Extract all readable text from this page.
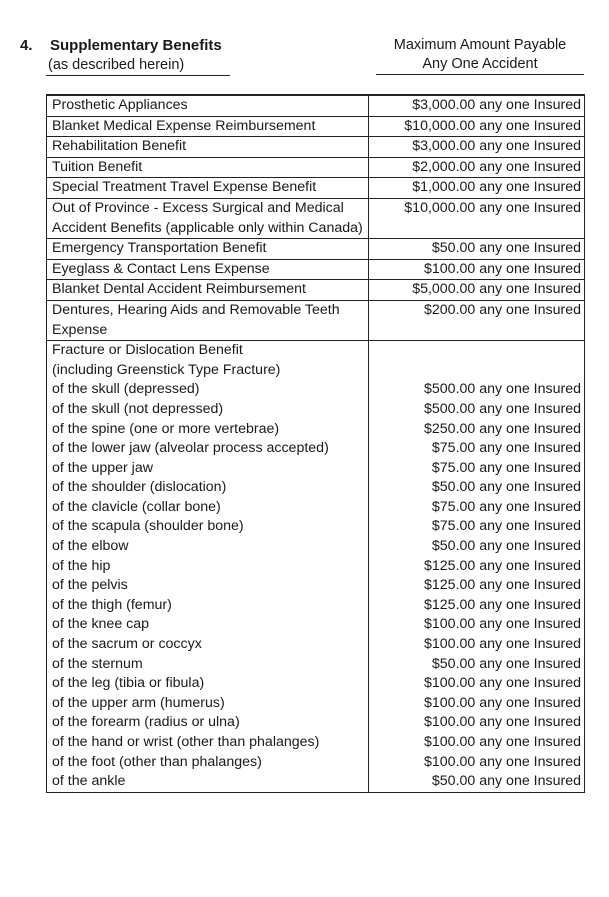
4. Supplementary Benefits
(as described herein)
Maximum Amount Payable
Any One Accident
Prosthetic Appliances	$3,000.00 any one Insured
Blanket Medical Expense Reimbursement	$10,000.00 any one Insured
Rehabilitation Benefit	$3,000.00 any one Insured
Tuition Benefit	$2,000.00 any one Insured
Special Treatment Travel Expense Benefit	$1,000.00 any one Insured
Out of Province - Excess Surgical and Medical Accident Benefits (applicable only within Canada)	$10,000.00 any one Insured
Emergency Transportation Benefit	$50.00 any one Insured
Eyeglass & Contact Lens Expense	$100.00 any one Insured
Blanket Dental Accident Reimbursement	$5,000.00 any one Insured
Dentures, Hearing Aids and Removable Teeth Expense	$200.00 any one Insured
Fracture or Dislocation Benefit	
(including Greenstick Type Fracture)	
of the skull (depressed)	$500.00 any one Insured
of the skull (not depressed)	$500.00 any one Insured
of the spine (one or more vertebrae)	$250.00 any one Insured
of the lower jaw (alveolar process accepted)	$75.00 any one Insured
of the upper jaw	$75.00 any one Insured
of the shoulder (dislocation)	$50.00 any one Insured
of the clavicle (collar bone)	$75.00 any one Insured
of the scapula (shoulder bone)	$75.00 any one Insured
of the elbow	$50.00 any one Insured
of the hip	$125.00 any one Insured
of the pelvis	$125.00 any one Insured
of the thigh (femur)	$125.00 any one Insured
of the knee cap	$100.00 any one Insured
of the sacrum or coccyx	$100.00 any one Insured
of the sternum	$50.00 any one Insured
of the leg (tibia or fibula)	$100.00 any one Insured
of the upper arm (humerus)	$100.00 any one Insured
of the forearm (radius or ulna)	$100.00 any one Insured
of the hand or wrist (other than phalanges)	$100.00 any one Insured
of the foot (other than phalanges)	$100.00 any one Insured
of the ankle	$50.00 any one Insured
